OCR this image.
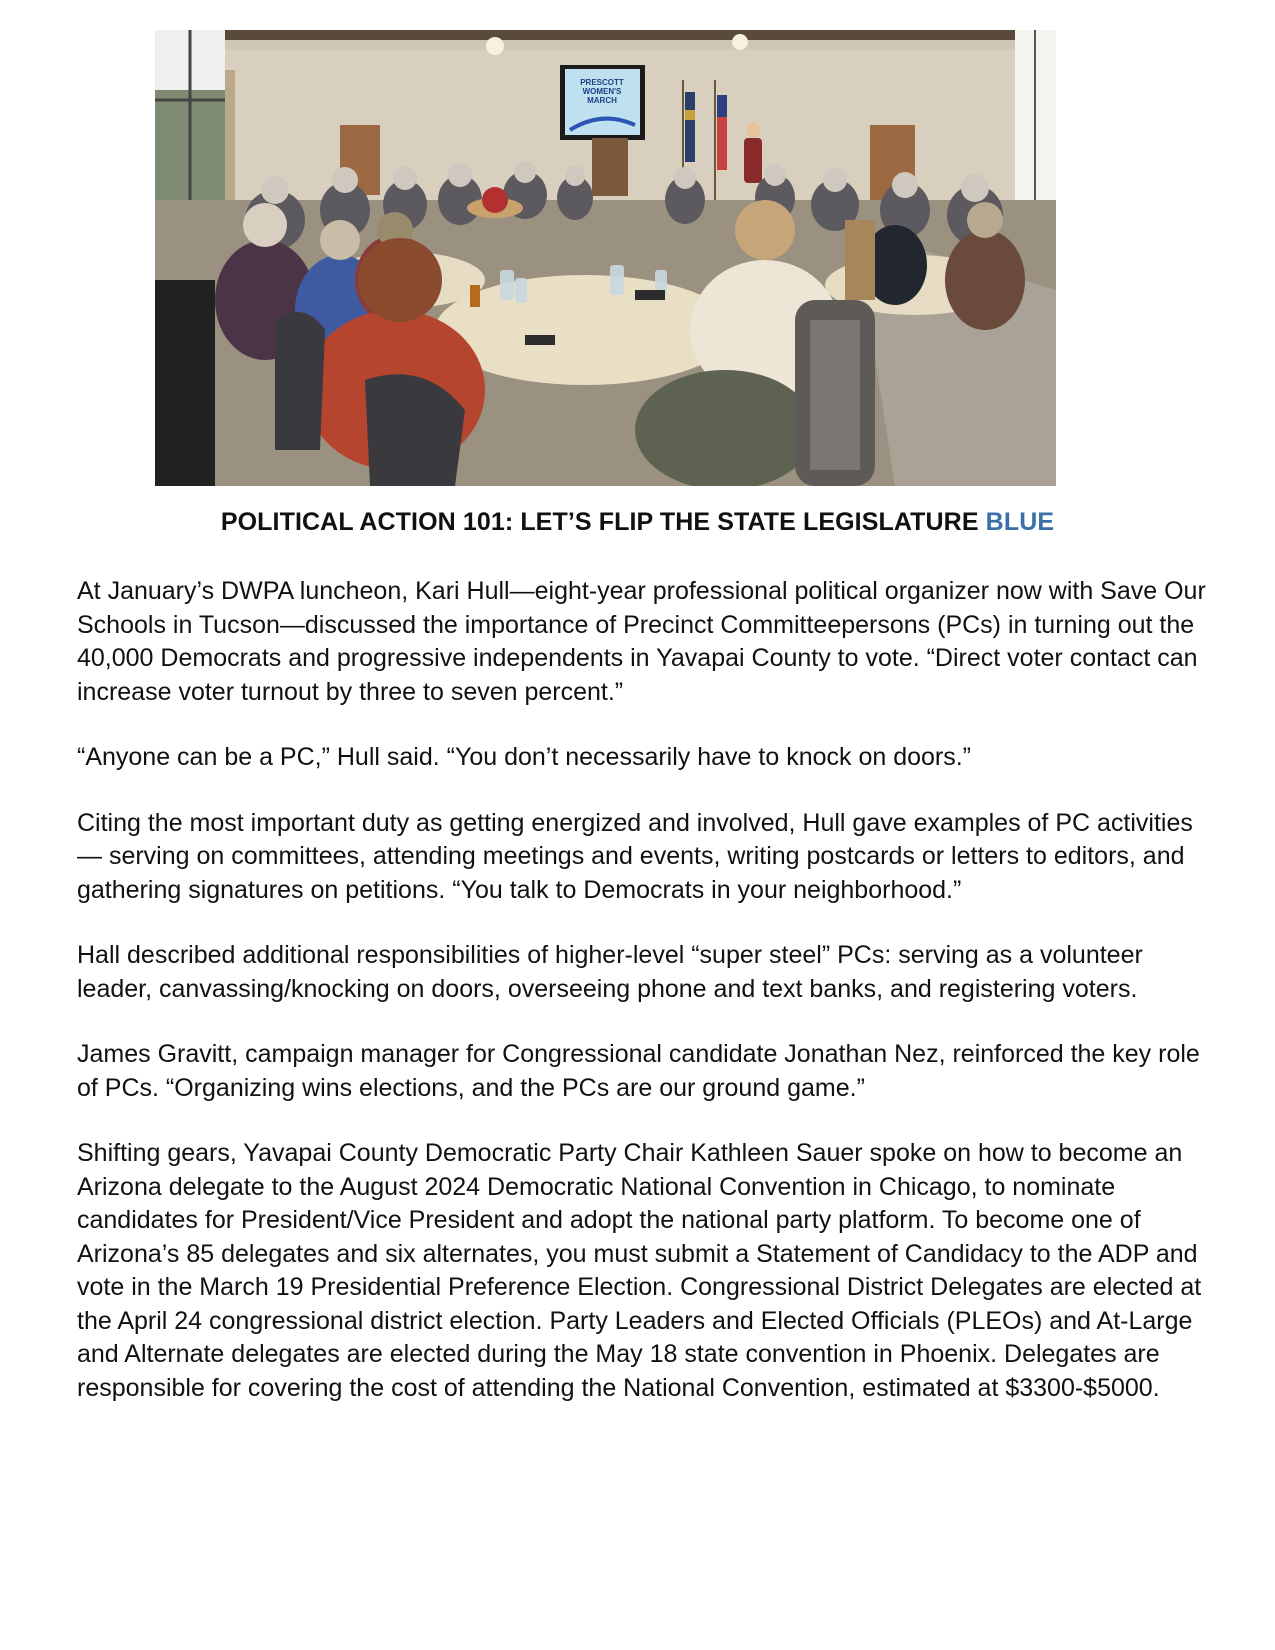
PRESCOTT
WOMEN'S
MARCH
POLITICAL ACTION 101: LET’S FLIP THE STATE LEGISLATURE BLUE

At January’s DWPA luncheon, Kari Hull—eight-year professional political organizer now with Save Our Schools in Tucson—discussed the importance of Precinct Committeepersons (PCs) in turning out the 40,000 Democrats and progressive independents in Yavapai County to vote. “Direct voter contact can increase voter turnout by three to seven percent.”

“Anyone can be a PC,” Hull said. “You don’t necessarily have to knock on doors.”

Citing the most important duty as getting energized and involved, Hull gave examples of PC activities— serving on committees, attending meetings and events, writing postcards or letters to editors, and gathering signatures on petitions. “You talk to Democrats in your neighborhood.”

Hall described additional responsibilities of higher-level “super steel” PCs: serving as a volunteer leader, canvassing/knocking on doors, overseeing phone and text banks, and registering voters.

James Gravitt, campaign manager for Congressional candidate Jonathan Nez, reinforced the key role of PCs. “Organizing wins elections, and the PCs are our ground game.”

Shifting gears, Yavapai County Democratic Party Chair Kathleen Sauer spoke on how to become an Arizona delegate to the August 2024 Democratic National Convention in Chicago, to nominate candidates for President/Vice President and adopt the national party platform. To become one of Arizona’s 85 delegates and six alternates, you must submit a Statement of Candidacy to the ADP and vote in the March 19 Presidential Preference Election. Congressional District Delegates are elected at the April 24 congressional district election. Party Leaders and Elected Officials (PLEOs) and At-Large and Alternate delegates are elected during the May 18 state convention in Phoenix. Delegates are responsible for covering the cost of attending the National Convention, estimated at $3300-$5000.
